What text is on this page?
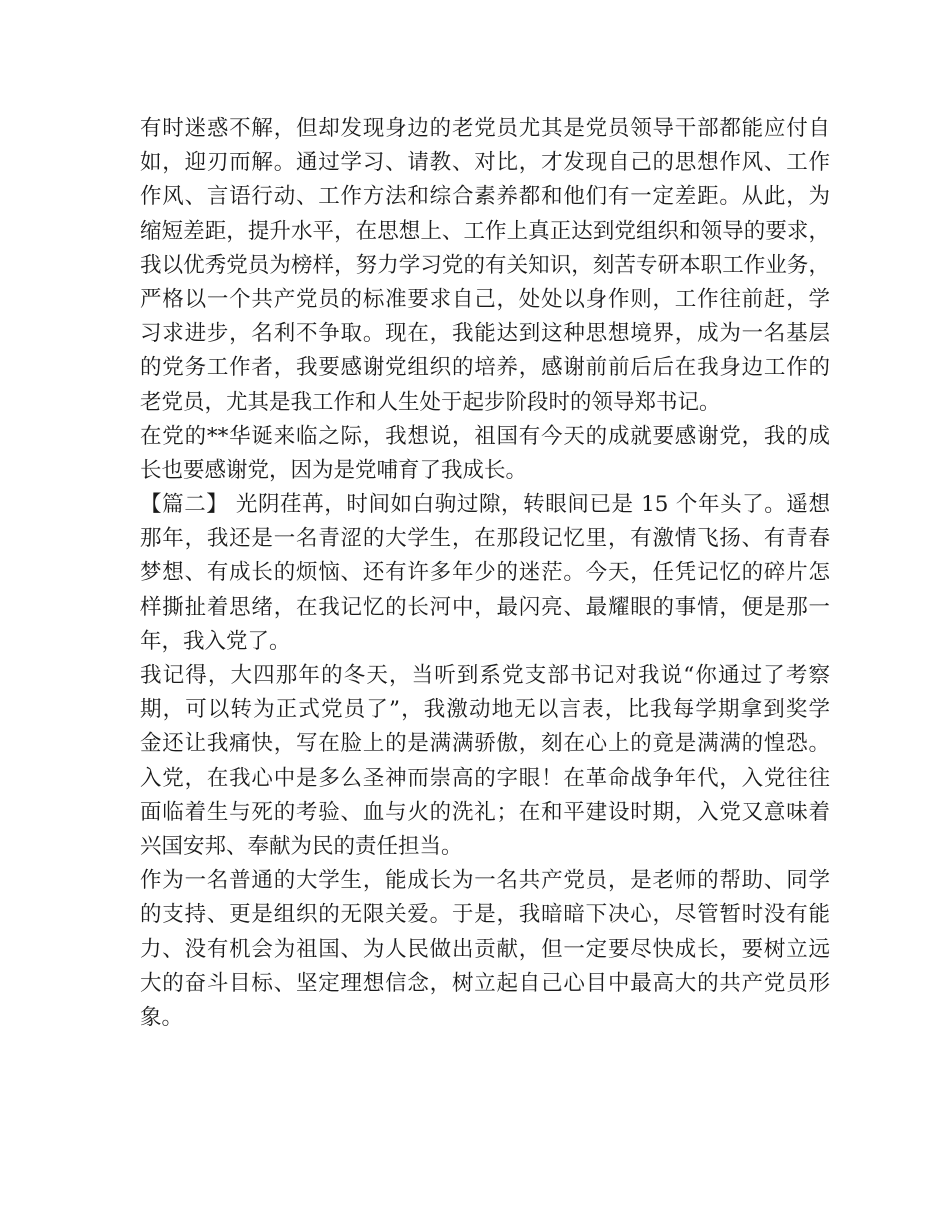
有时迷惑不解，但却发现身边的老党员尤其是党员领导干部都能应付自
如，迎刃而解。通过学习、请教、对比，才发现自己的思想作风、工作
作风、言语行动、工作方法和综合素养都和他们有一定差距。从此，为
缩短差距，提升水平，在思想上、工作上真正达到党组织和领导的要求，
我以优秀党员为榜样，努力学习党的有关知识，刻苦专研本职工作业务，
严格以一个共产党员的标准要求自己，处处以身作则，工作往前赶，学
习求进步，名利不争取。现在，我能达到这种思想境界，成为一名基层
的党务工作者，我要感谢党组织的培养，感谢前前后后在我身边工作的
老党员，尤其是我工作和人生处于起步阶段时的领导郑书记。
在党的**华诞来临之际，我想说，祖国有今天的成就要感谢党，我的成
长也要感谢党，因为是党哺育了我成长。
【篇二】 光阴荏苒，时间如白驹过隙，转眼间已是 15 个年头了。遥想
那年，我还是一名青涩的大学生，在那段记忆里，有激情飞扬、有青春
梦想、有成长的烦恼、还有许多年少的迷茫。今天，任凭记忆的碎片怎
样撕扯着思绪，在我记忆的长河中，最闪亮、最耀眼的事情，便是那一
年，我入党了。
我记得，大四那年的冬天，当听到系党支部书记对我说“你通过了考察
期，可以转为正式党员了”，我激动地无以言表，比我每学期拿到奖学
金还让我痛快，写在脸上的是满满骄傲，刻在心上的竟是满满的惶恐。
入党，在我心中是多么圣神而崇高的字眼！在革命战争年代，入党往往
面临着生与死的考验、血与火的洗礼；在和平建设时期，入党又意味着
兴国安邦、奉献为民的责任担当。
作为一名普通的大学生，能成长为一名共产党员，是老师的帮助、同学
的支持、更是组织的无限关爱。于是，我暗暗下决心，尽管暂时没有能
力、没有机会为祖国、为人民做出贡献，但一定要尽快成长，要树立远
大的奋斗目标、坚定理想信念，树立起自己心目中最高大的共产党员形
象。
